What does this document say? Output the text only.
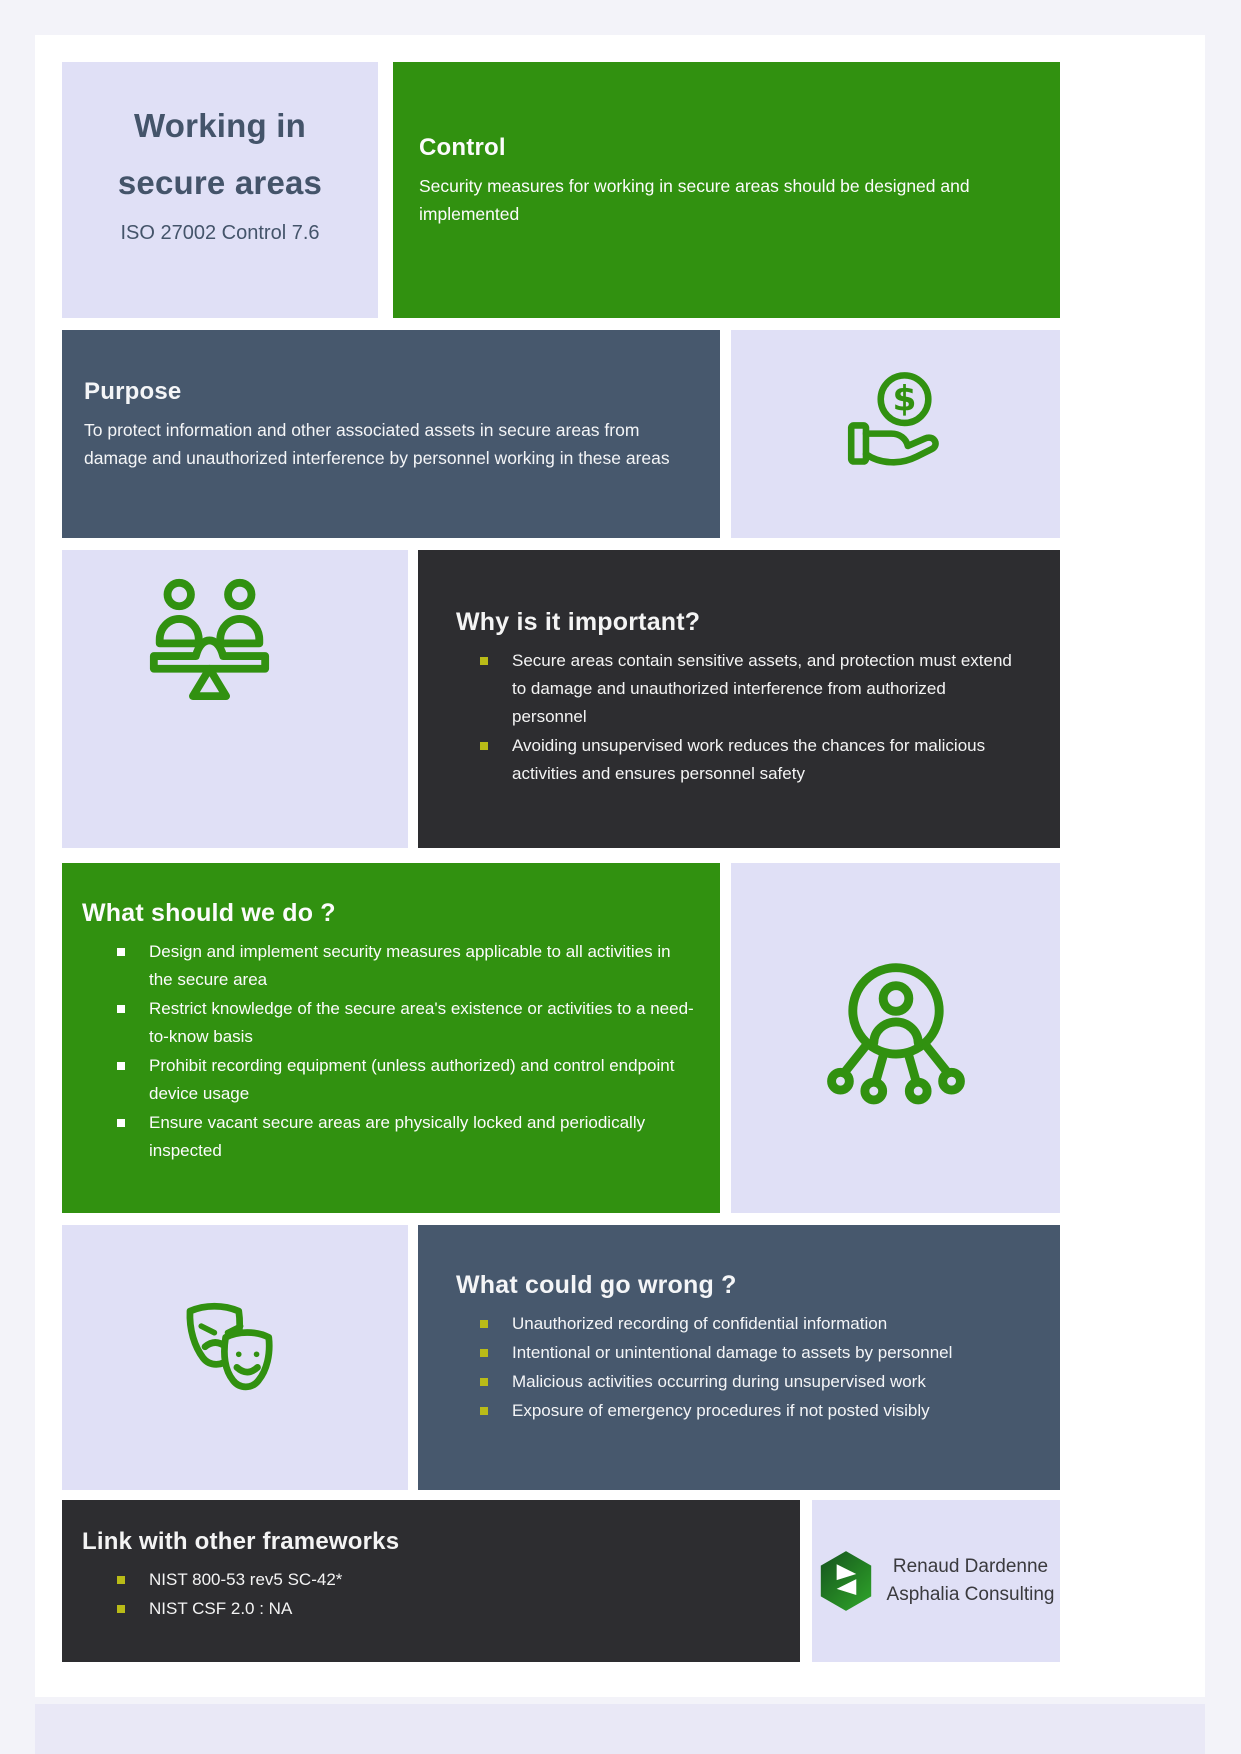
Working in
secure areas

ISO 27002 Control 7.6

Control

Security measures for working in secure areas should be designed and implemented

Purpose

To protect information and other associated assets in secure areas from damage and unauthorized interference by personnel working in these areas

$
Why is it important?
Secure areas contain sensitive assets, and protection must extend to damage and unauthorized interference from authorized personnel
Avoiding unsupervised work reduces the chances for malicious activities and ensures personnel safety
What should we do ?
Design and implement security measures applicable to all activities in the secure area
Restrict knowledge of the secure area's existence or activities to a need-to-know basis
Prohibit recording equipment (unless authorized) and control endpoint device usage
Ensure vacant secure areas are physically locked and periodically inspected
What could go wrong ?
Unauthorized recording of confidential information
Intentional or unintentional damage to assets by personnel
Malicious activities occurring during unsupervised work
Exposure of emergency procedures if not posted visibly
Link with other frameworks
NIST 800-53 rev5 SC-42*
NIST CSF 2.0 : NA
Renaud Dardenne
Asphalia Consulting
